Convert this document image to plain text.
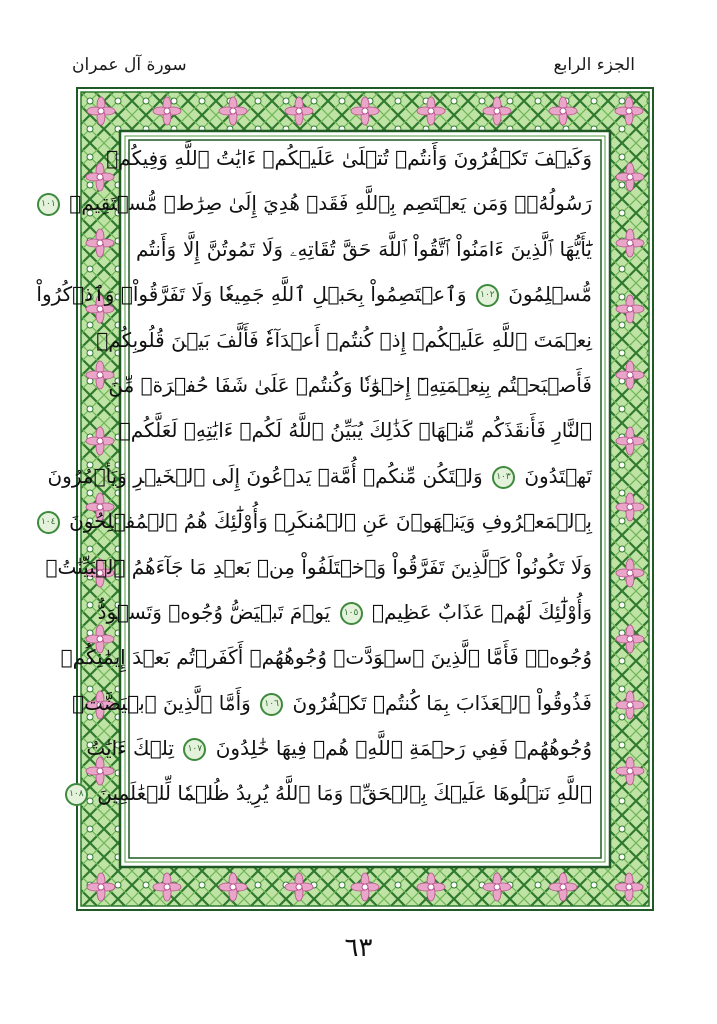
الجزء الرابع
سورة آل عمران
وَكَيۡفَ تَكۡفُرُونَ وَأَنتُمۡ تُتۡلَىٰ عَلَيۡكُمۡ ءَايَٰتُ ٱللَّهِ وَفِيكُمۡ
رَسُولُهُۥۗ وَمَن يَعۡتَصِم بِٱللَّهِ فَقَدۡ هُدِيَ إِلَىٰ صِرَٰطٖ مُّسۡتَقِيمٖ ١٠١
يَٰٓأَيُّهَا ٱلَّذِينَ ءَامَنُواْ ٱتَّقُواْ ٱللَّهَ حَقَّ تُقَاتِهِۦ وَلَا تَمُوتُنَّ إِلَّا وَأَنتُم
مُّسۡلِمُونَ ١٠٢ وَٱعۡتَصِمُواْ بِحَبۡلِ ٱللَّهِ جَمِيعٗا وَلَا تَفَرَّقُواْۚ وَٱذۡكُرُواْ
نِعۡمَتَ ٱللَّهِ عَلَيۡكُمۡ إِذۡ كُنتُمۡ أَعۡدَآءٗ فَأَلَّفَ بَيۡنَ قُلُوبِكُمۡ
فَأَصۡبَحۡتُم بِنِعۡمَتِهِۦٓ إِخۡوَٰنٗا وَكُنتُمۡ عَلَىٰ شَفَا حُفۡرَةٖ مِّنَ
ٱلنَّارِ فَأَنقَذَكُم مِّنۡهَاۗ كَذَٰلِكَ يُبَيِّنُ ٱللَّهُ لَكُمۡ ءَايَٰتِهِۦ لَعَلَّكُمۡ
تَهۡتَدُونَ ١٠٣ وَلۡتَكُن مِّنكُمۡ أُمَّةٞ يَدۡعُونَ إِلَى ٱلۡخَيۡرِ وَيَأۡمُرُونَ
بِٱلۡمَعۡرُوفِ وَيَنۡهَوۡنَ عَنِ ٱلۡمُنكَرِۚ وَأُوْلَٰٓئِكَ هُمُ ٱلۡمُفۡلِحُونَ ١٠٤
وَلَا تَكُونُواْ كَٱلَّذِينَ تَفَرَّقُواْ وَٱخۡتَلَفُواْ مِنۢ بَعۡدِ مَا جَآءَهُمُ ٱلۡبَيِّنَٰتُۚ
وَأُوْلَٰٓئِكَ لَهُمۡ عَذَابٌ عَظِيمٞ ١٠٥ يَوۡمَ تَبۡيَضُّ وُجُوهٞ وَتَسۡوَدُّ
وُجُوهٞۚ فَأَمَّا ٱلَّذِينَ ٱسۡوَدَّتۡ وُجُوهُهُمۡ أَكَفَرۡتُم بَعۡدَ إِيمَٰنِكُمۡ
فَذُوقُواْ ٱلۡعَذَابَ بِمَا كُنتُمۡ تَكۡفُرُونَ ١٠٦ وَأَمَّا ٱلَّذِينَ ٱبۡيَضَّتۡ
وُجُوهُهُمۡ فَفِي رَحۡمَةِ ٱللَّهِۖ هُمۡ فِيهَا خَٰلِدُونَ ١٠٧ تِلۡكَ ءَايَٰتُ
ٱللَّهِ نَتۡلُوهَا عَلَيۡكَ بِٱلۡحَقِّۗ وَمَا ٱللَّهُ يُرِيدُ ظُلۡمٗا لِّلۡعَٰلَمِينَ ١٠٨
٦٣
